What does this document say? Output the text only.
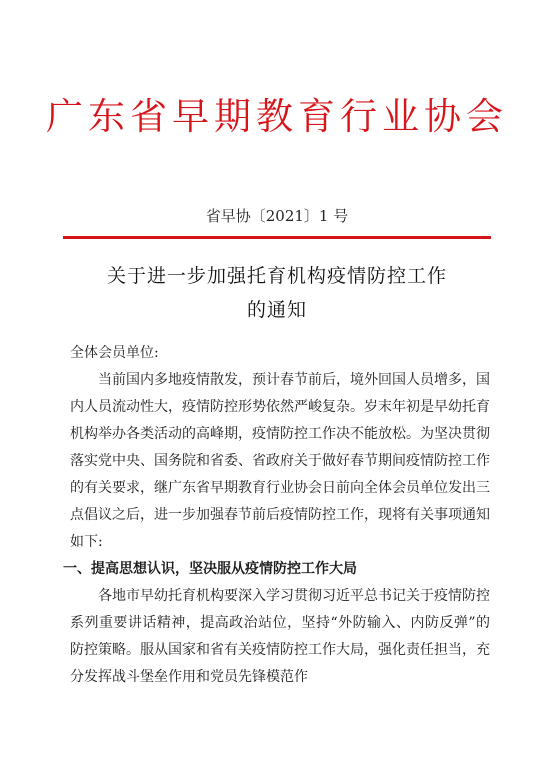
广东省早期教育行业协会
省早协〔2021〕1 号
关于进一步加强托育机构疫情防控工作
的通知

全体会员单位:

当前国内多地疫情散发，预计春节前后，境外回国人员增多，国内人员流动性大，疫情防控形势依然严峻复杂。岁末年初是早幼托育机构举办各类活动的高峰期，疫情防控工作决不能放松。为坚决贯彻落实党中央、国务院和省委、省政府关于做好春节期间疫情防控工作的有关要求，继广东省早期教育行业协会日前向全体会员单位发出三点倡议之后，进一步加强春节前后疫情防控工作，现将有关事项通知如下:

一、提高思想认识，坚决服从疫情防控工作大局

各地市早幼托育机构要深入学习贯彻习近平总书记关于疫情防控系列重要讲话精神，提高政治站位，坚持“外防输入、内防反弹”的防控策略。服从国家和省有关疫情防控工作大局，强化责任担当，充分发挥战斗堡垒作用和党员先锋模范作
